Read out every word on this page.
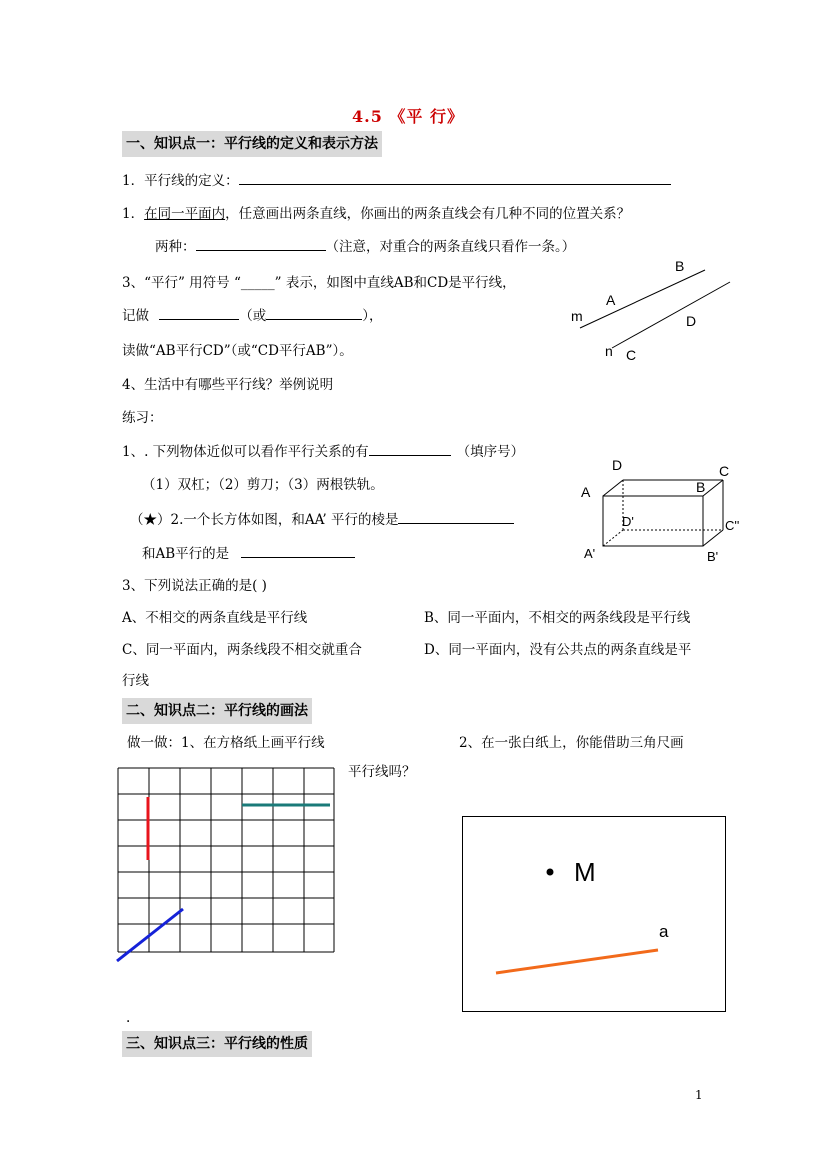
4.5 《平 行》
一、知识点一：平行线的定义和表示方法
1．平行线的定义：
1．在同一平面内，任意画出两条直线，你画出的两条直线会有几种不同的位置关系？
两种：	（注意，对重合的两条直线只看作一条。）
3、“平行” 用符号 “_____” 表示，如图中直线AB和CD是平行线，
记做	（或	），
读做“AB平行CD”（或“CD平行AB”）。
4、生活中有哪些平行线？举例说明
练习：
1、. 下列物体近似可以看作平行关系的有	（填序号）
（1）双杠；（2）剪刀；（3）两根铁轨。
（★）2.一个长方体如图，和AA’ 平行的棱是
和AB平行的是
3、下列说法正确的是( )
A、不相交的两条直线是平行线	B、同一平面内，不相交的两条线段是平行线
C、同一平面内，两条线段不相交就重合	D、同一平面内，没有公共点的两条直线是平
行线
B
A
m	D
n C
D	C
A	B
D'	C''
A'	B'
二、知识点二：平行线的画法
做一做：1、在方格纸上画平行线	2、在一张白纸上，你能借助三角尺画
平行线吗？
M
a
.
三、知识点三：平行线的性质
1
